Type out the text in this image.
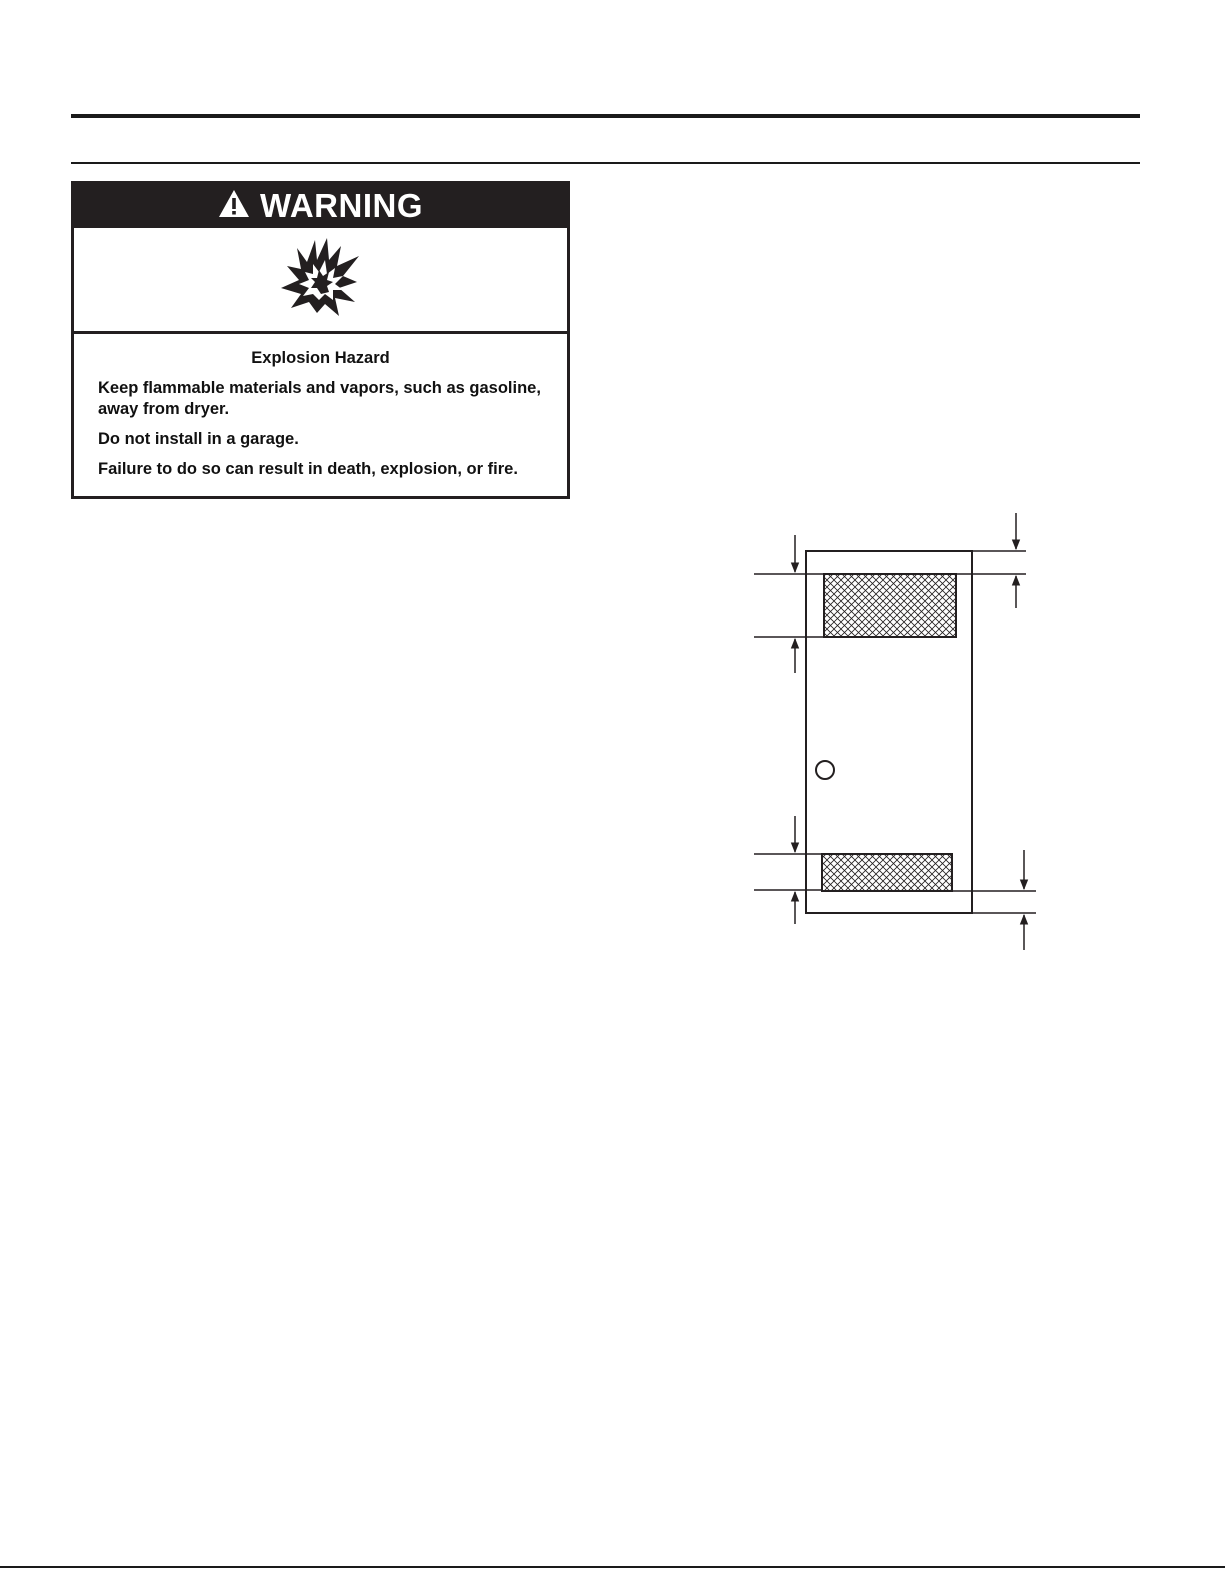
WARNING
Explosion Hazard

Keep flammable materials and vapors, such as gasoline, away from dryer.

Do not install in a garage.

Failure to do so can result in death, explosion, or fire.
